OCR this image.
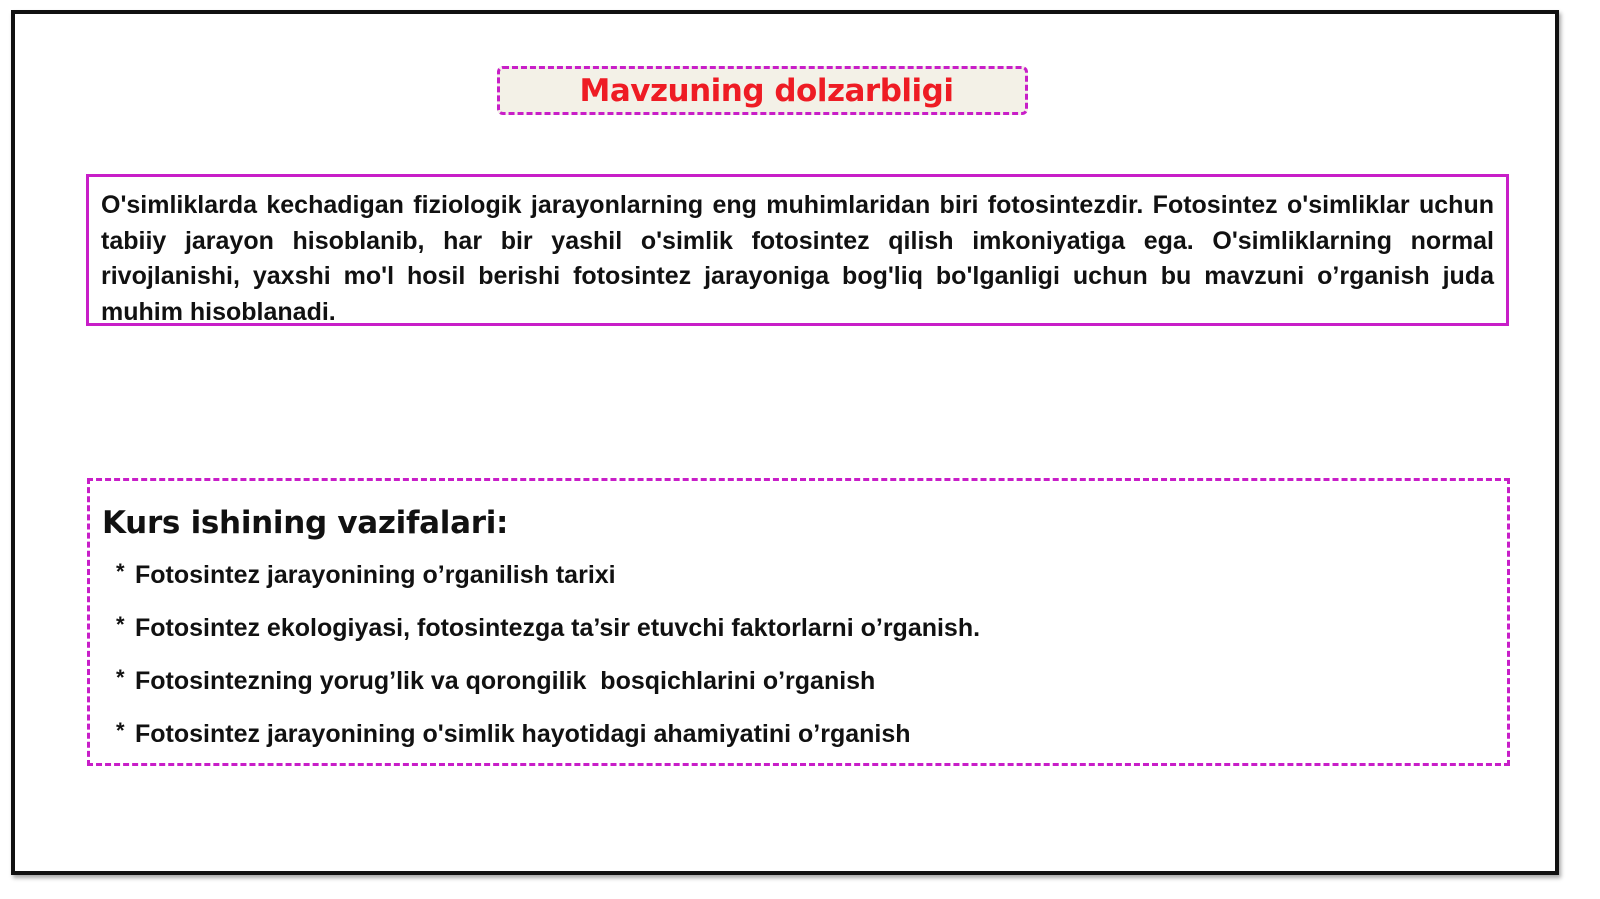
Mavzuning dolzarbligi

O'simliklarda kechadigan fiziologik jarayonlarning eng muhimlaridan biri fotosintezdir. Fotosintez o'simliklar uchun tabiiy jarayon hisoblanib, har bir yashil o'simlik fotosintez qilish imkoniyatiga ega. O'simliklarning normal rivojlanishi, yaxshi mo'l hosil berishi fotosintez jarayoniga bog'liq bo'lganligi uchun bu mavzuni o’rganish juda muhim hisoblanadi.

Kurs ishining vazifalari:
* Fotosintez jarayonining o’rganilish tarixi
* Fotosintez ekologiyasi, fotosintezga ta’sir etuvchi faktorlarni o’rganish.
* Fotosintezning yorug’lik va qorongilik  bosqichlarini o’rganish
* Fotosintez jarayonining o'simlik hayotidagi ahamiyatini o’rganish
